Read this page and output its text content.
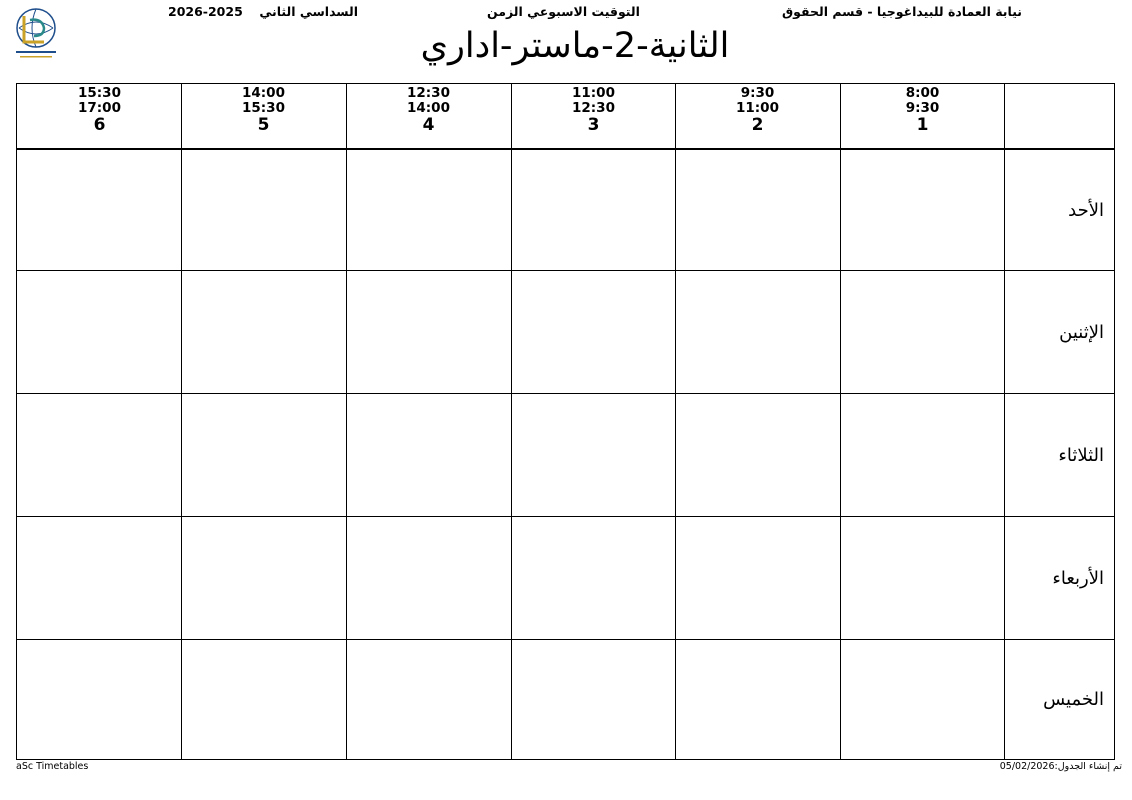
نيابة العمادة للبيداغوجيا - قسم الحقوق
التوقيت الاسبوعي الزمن
السداسي الثاني
2026-2025
الثانية-2-ماستر-اداري
8:00
9:30
1
9:30
11:00
2
11:00
12:30
3
12:30
14:00
4
14:00
15:30
5
15:30
17:00
6
الأحد
الإثنين
الثلاثاء
الأربعاء
الخميس
aSc Timetables	تم إنشاء الجدول:05/02/2026
